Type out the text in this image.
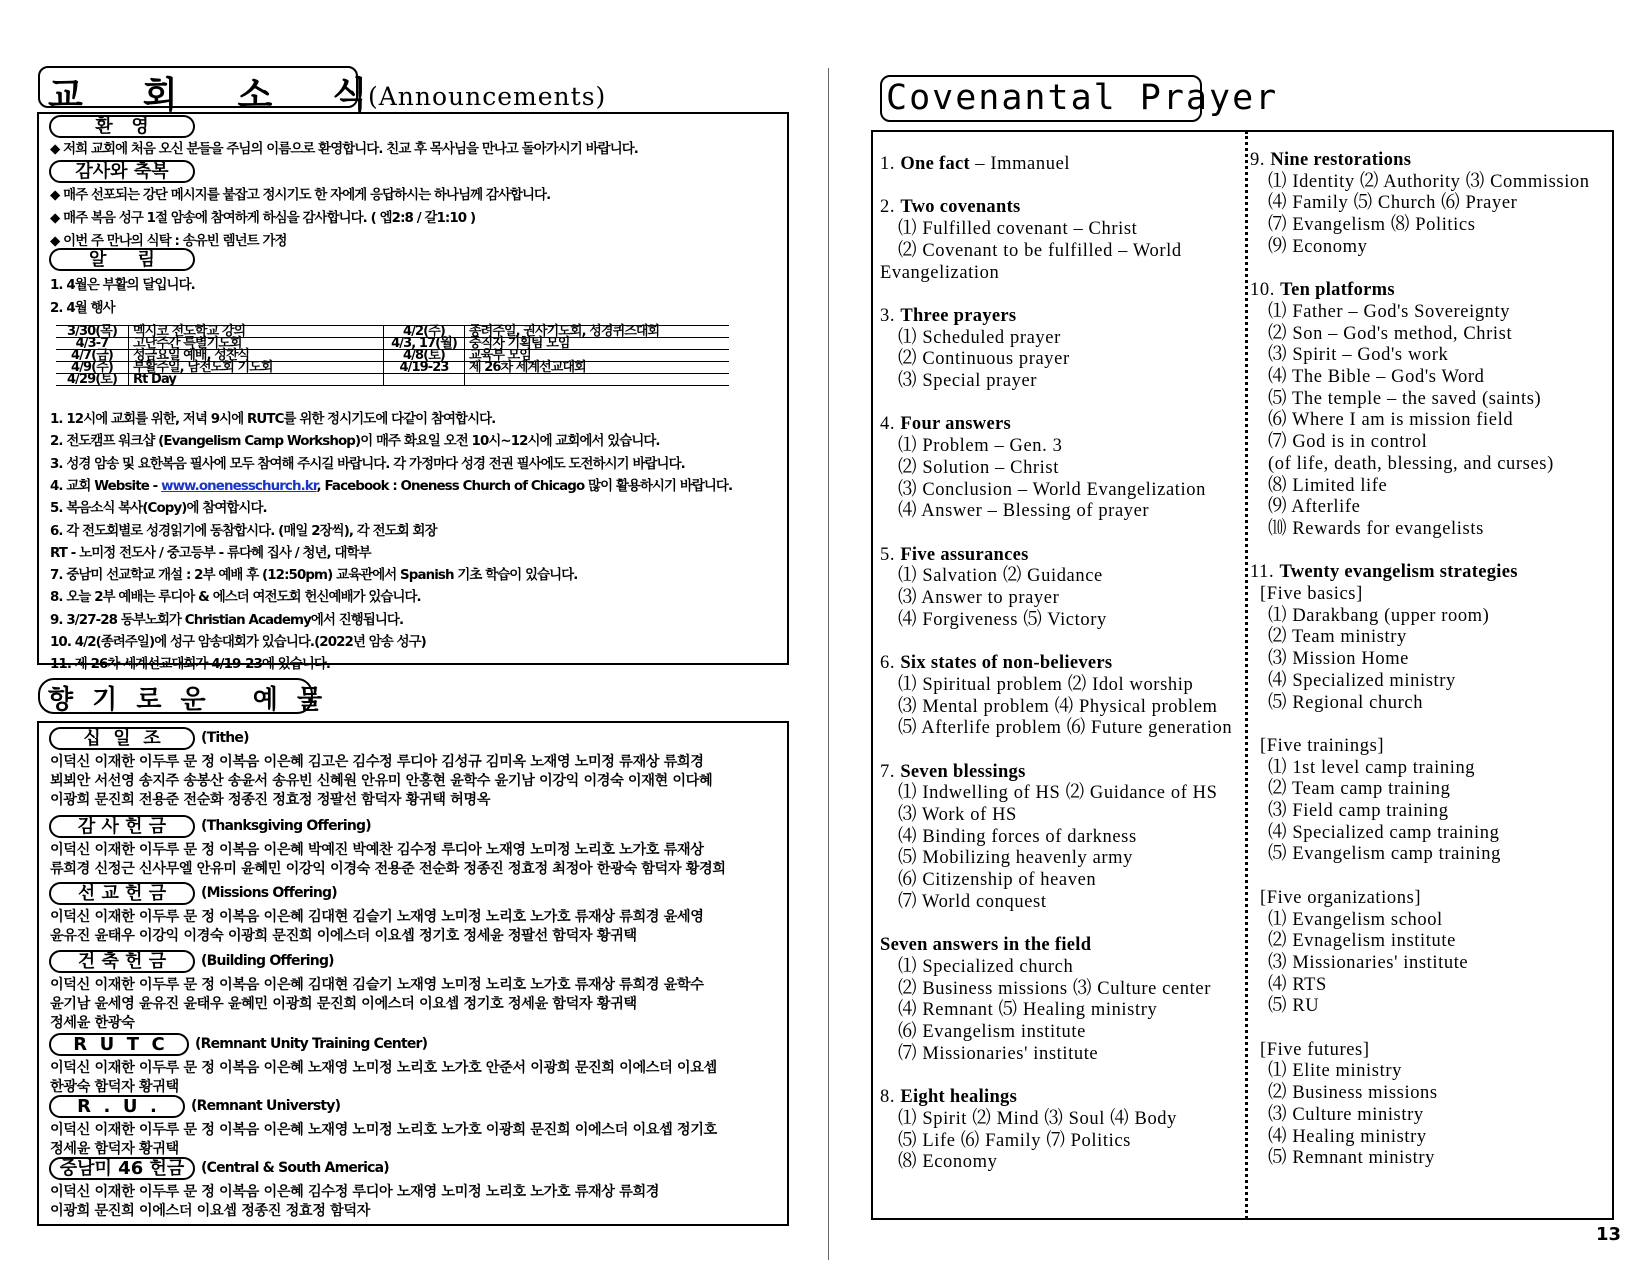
교회소식
(Announcements)
환   영
◆ 저희 교회에 처음 오신 분들을 주님의 이름으로 환영합니다. 친교 후 목사님을 만나고 돌아가시기 바랍니다.
감사와 축복
◆ 매주 선포되는 강단 메시지를 붙잡고 정시기도 한 자에게 응답하시는 하나님께 감사합니다.
◆ 매주 복음 성구 1절 암송에 참여하게 하심을 감사합니다. ( 엡2:8 / 갈1:10 )
◆ 이번 주 만나의 식탁 : 송유빈 렘넌트 가정
알     림
1. 4월은 부활의 달입니다.
2. 4월 행사
3/30(목)	멕시코 전도학교 강의	4/2(주)	종려주일, 권사기도회, 성경퀴즈대회
4/3-7	고난주간 특별기도회	4/3, 17(월)	중직자 기획팀 모임
4/7(금)	성금요일 예배, 성찬식	4/8(토)	교육부 모임
4/9(주)	부활주일, 남전도회 기도회	4/19-23	제 26차 세계선교대회
4/29(토)	Rt Day		
1. 12시에 교회를 위한, 저녁 9시에 RUTC를 위한 정시기도에 다같이 참여합시다.
2. 전도캠프 워크샵 (Evangelism Camp Workshop)이 매주 화요일 오전 10시~12시에 교회에서 있습니다.
3. 성경 암송 및 요한복음 필사에 모두 참여해 주시길 바랍니다. 각 가정마다 성경 전권 필사에도 도전하시기 바랍니다.
4. 교회 Website - www.onenesschurch.kr, Facebook : Oneness Church of Chicago 많이 활용하시기 바랍니다.
5. 복음소식 복사(Copy)에 참여합시다.
6. 각 전도회별로 성경읽기에 동참합시다. (매일 2장씩), 각 전도회 회장
RT - 노미정 전도사 / 중고등부 - 류다혜 집사 / 청년, 대학부
7. 중남미 선교학교 개설 : 2부 예배 후 (12:50pm) 교육관에서 Spanish 기초 학습이 있습니다.
8. 오늘 2부 예배는 루디아 & 에스더 여전도회 헌신예배가 있습니다.
9. 3/27-28 동부노회가 Christian Academy에서 진행됩니다.
10. 4/2(종려주일)에 성구 암송대회가 있습니다.(2022년 암송 성구)
11. 제 26차 세계선교대회가 4/19-23에 있습니다.
향 기 로 운   예 물
십  일  조	(Tithe)
이덕신 이재한 이두루 문 정 이복음 이은혜 김고은 김수정 루디아 김성규 김미옥 노재영 노미정 류재상 류희경
뵈뵈안 서선영 송지주 송봉산 송윤서 송유빈 신혜원 안유미 안홍현 윤학수 윤기남 이강익 이경숙 이재현 이다혜
이광희 문진희 전용준 전순화 정종진 정효정 정팔선 함덕자 황귀택 허명옥
감 사 헌 금	(Thanksgiving Offering)
이덕신 이재한 이두루 문 정 이복음 이은혜 박예진 박예찬 김수정 루디아 노재영 노미정 노리호 노가호 류재상
류희경 신정근 신사무엘 안유미 윤혜민 이강익 이경숙 전용준 전순화 정종진 정효정 최정아 한광숙 함덕자 황경희
선 교 헌 금	(Missions Offering)
이덕신 이재한 이두루 문 정 이복음 이은혜 김대현 김슬기 노재영 노미정 노리호 노가호 류재상 류희경 윤세영
윤유진 윤태우 이강익 이경숙 이광희 문진희 이에스더 이요셉 정기호 정세윤 정팔선 함덕자 황귀택
건 축 헌 금	(Building Offering)
이덕신 이재한 이두루 문 정 이복음 이은혜 김대현 김슬기 노재영 노미정 노리호 노가호 류재상 류희경 윤학수
윤기남 윤세영 윤유진 윤태우 윤혜민 이광희 문진희 이에스더 이요셉 정기호 정세윤 함덕자 황귀택
정세윤 한광숙
R  U  T  C	(Remnant Unity Training Center)
이덕신 이재한 이두루 문 정 이복음 이은혜 노재영 노미정 노리호 노가호 안준서 이광희 문진희 이에스더 이요셉
한광숙 함덕자 황귀택
R  .  U  .	(Remnant Universty)
이덕신 이재한 이두루 문 정 이복음 이은혜 노재영 노미정 노리호 노가호 이광희 문진희 이에스더 이요셉 정기호
정세윤 함덕자 황귀택
중남미 46 헌금	(Central & South America)
이덕신 이재한 이두루 문 정 이복음 이은혜 김수정 루디아 노재영 노미정 노리호 노가호 류재상 류희경
이광희 문진희 이에스더 이요셉 정종진 정효정 함덕자
Covenantal Prayer
1. One fact – Immanuel
2. Two covenants
⑴ Fulfilled covenant – Christ
⑵ Covenant to be fulfilled – World
Evangelization
3. Three prayers
⑴ Scheduled prayer
⑵ Continuous prayer
⑶ Special prayer
4. Four answers
⑴ Problem – Gen. 3
⑵ Solution – Christ
⑶ Conclusion – World Evangelization
⑷ Answer – Blessing of prayer
5. Five assurances
⑴ Salvation ⑵ Guidance
⑶ Answer to prayer
⑷ Forgiveness ⑸ Victory
6. Six states of non-believers
⑴ Spiritual problem ⑵ Idol worship
⑶ Mental problem ⑷ Physical problem
⑸ Afterlife problem ⑹ Future generation
7. Seven blessings
⑴ Indwelling of HS ⑵ Guidance of HS
⑶ Work of HS
⑷ Binding forces of darkness
⑸ Mobilizing heavenly army
⑹ Citizenship of heaven
⑺ World conquest
Seven answers in the field
⑴ Specialized church
⑵ Business missions ⑶ Culture center
⑷ Remnant ⑸ Healing ministry
⑹ Evangelism institute
⑺ Missionaries' institute
8. Eight healings
⑴ Spirit ⑵ Mind ⑶ Soul ⑷ Body
⑸ Life ⑹ Family ⑺ Politics
⑻ Economy
9. Nine restorations
⑴ Identity ⑵ Authority ⑶ Commission
⑷ Family ⑸ Church ⑹ Prayer
⑺ Evangelism ⑻ Politics
⑼ Economy
10. Ten platforms
⑴ Father – God's Sovereignty
⑵ Son – God's method, Christ
⑶ Spirit – God's work
⑷ The Bible – God's Word
⑸ The temple – the saved (saints)
⑹ Where I am is mission field
⑺ God is in control
(of life, death, blessing, and curses)
⑻ Limited life
⑼ Afterlife
⑽ Rewards for evangelists
11. Twenty evangelism strategies
[Five basics]
⑴ Darakbang (upper room)
⑵ Team ministry
⑶ Mission Home
⑷ Specialized ministry
⑸ Regional church
[Five trainings]
⑴ 1st level camp training
⑵ Team camp training
⑶ Field camp training
⑷ Specialized camp training
⑸ Evangelism camp training
[Five organizations]
⑴ Evangelism school
⑵ Evnagelism institute
⑶ Missionaries' institute
⑷ RTS
⑸ RU
[Five futures]
⑴ Elite ministry
⑵ Business missions
⑶ Culture ministry
⑷ Healing ministry
⑸ Remnant ministry
13
